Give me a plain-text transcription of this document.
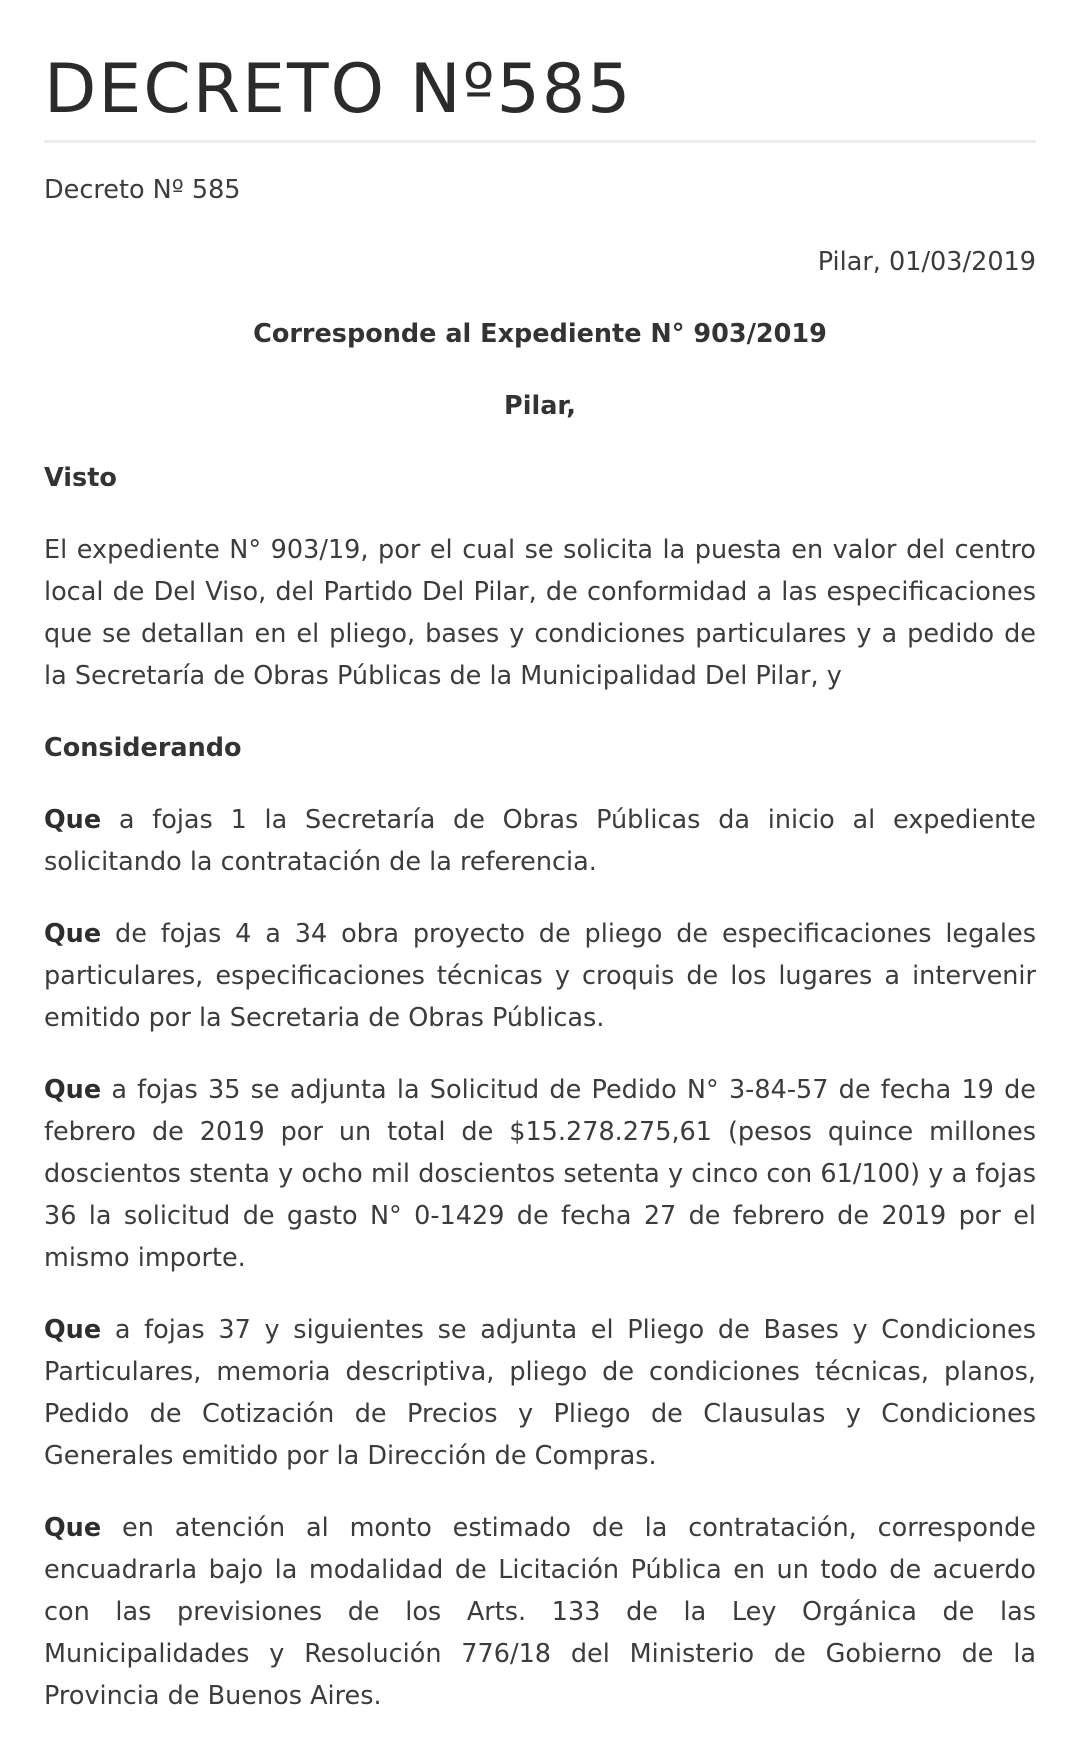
DECRETO Nº585

Decreto Nº 585

Pilar, 01/03/2019

Corresponde al Expediente N° 903/2019

Pilar,

Visto

El expediente N° 903/19, por el cual se solicita la puesta en valor del centro local de Del Viso, del Partido Del Pilar, de conformidad a las especificaciones que se detallan en el pliego, bases y condiciones particulares y a pedido de la Secretaría de Obras Públicas de la Municipalidad Del Pilar, y

Considerando

Que a fojas 1 la Secretaría de Obras Públicas da inicio al expediente solicitando la contratación de la referencia.

Que de fojas 4 a 34 obra proyecto de pliego de especificaciones legales particulares, especificaciones técnicas y croquis de los lugares a intervenir emitido por la Secretaria de Obras Públicas.

Que a fojas 35 se adjunta la Solicitud de Pedido N° 3-84-57 de fecha 19 de febrero de 2019 por un total de $15.278.275,61 (pesos quince millones doscientos stenta y ocho mil doscientos setenta y cinco con 61/100) y a fojas 36 la solicitud de gasto N° 0-1429 de fecha 27 de febrero de 2019 por el mismo importe.

Que a fojas 37 y siguientes se adjunta el Pliego de Bases y Condiciones Particulares, memoria descriptiva, pliego de condiciones técnicas, planos, Pedido de Cotización de Precios y Pliego de Clausulas y Condiciones Generales emitido por la Dirección de Compras.

Que en atención al monto estimado de la contratación, corresponde encuadrarla bajo la modalidad de Licitación Pública en un todo de acuerdo con las previsiones de los Arts. 133 de la Ley Orgánica de las Municipalidades y Resolución 776/18 del Ministerio de Gobierno de la Provincia de Buenos Aires.
